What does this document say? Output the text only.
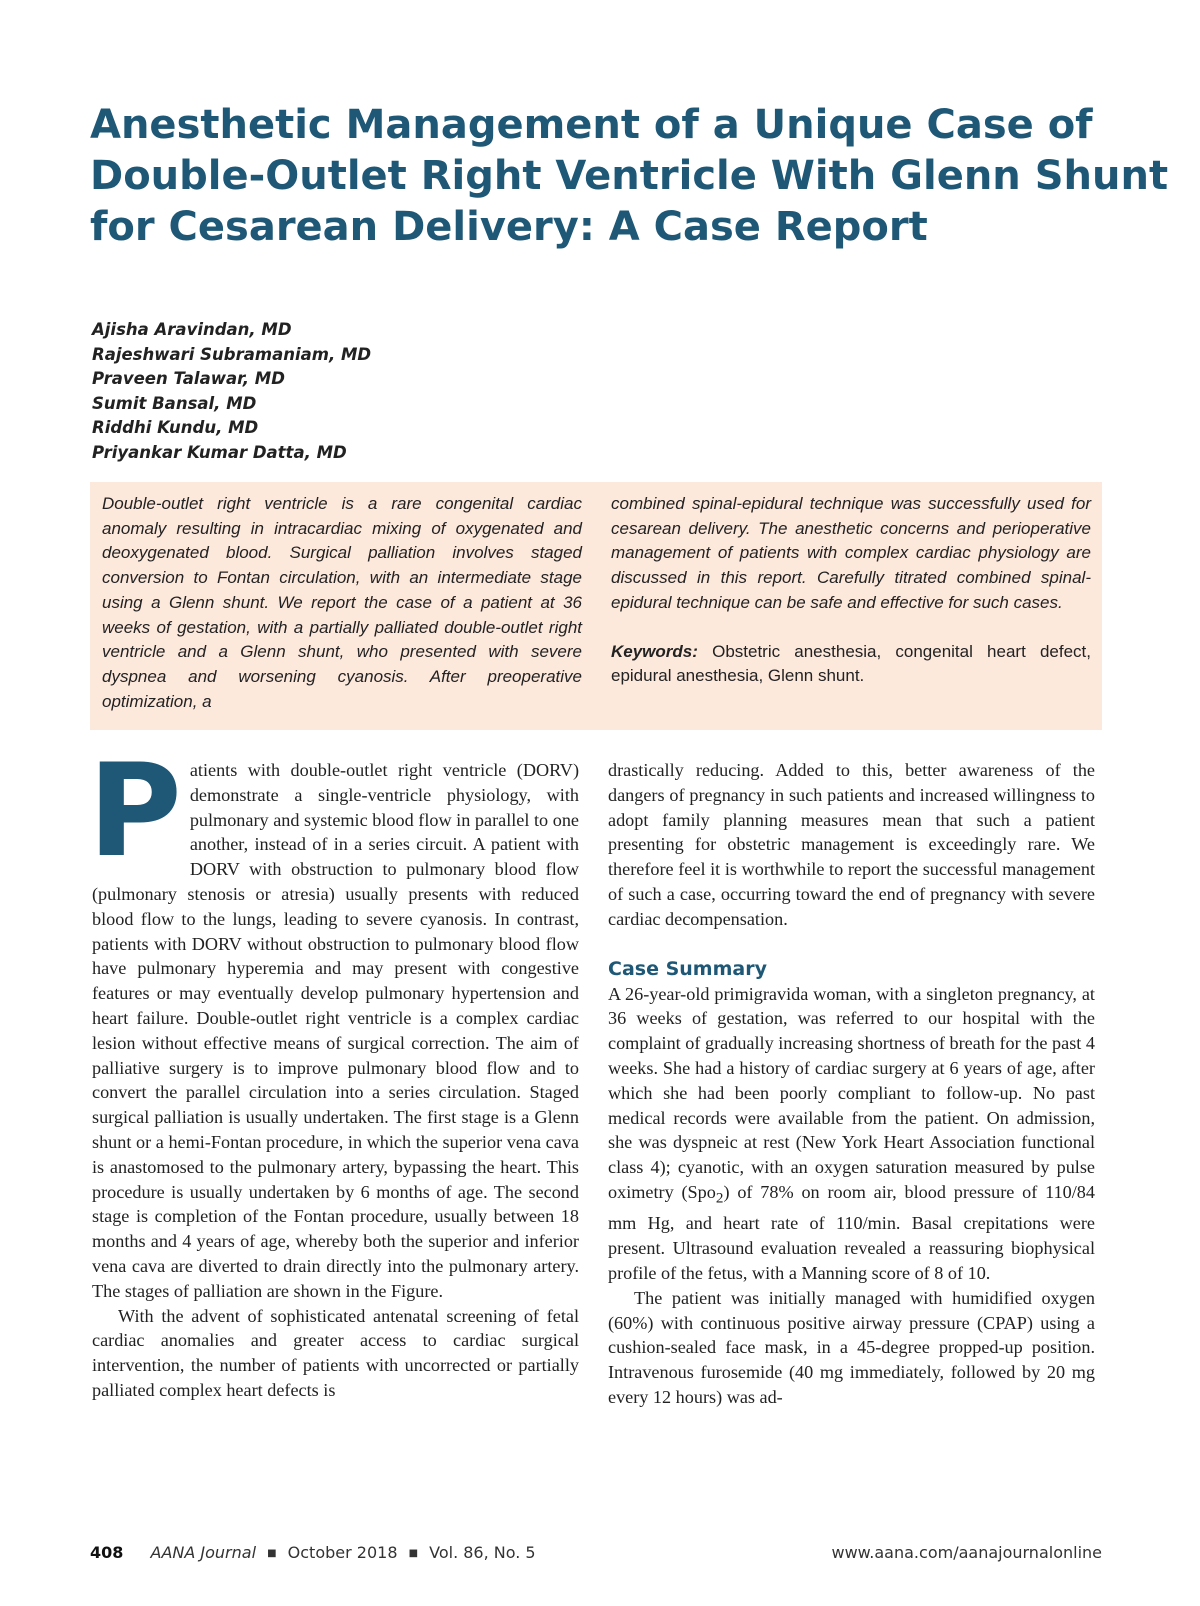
Anesthetic Management of a Unique Case of
Double-Outlet Right Ventricle With Glenn Shunt
for Cesarean Delivery: A Case Report
Ajisha Aravindan, MD
Rajeshwari Subramaniam, MD
Praveen Talawar, MD
Sumit Bansal, MD
Riddhi Kundu, MD
Priyankar Kumar Datta, MD
Double-outlet right ventricle is a rare congenital cardiac anomaly resulting in intracardiac mixing of oxygenated and deoxygenated blood. Surgical palliation involves staged conversion to Fontan circulation, with an intermediate stage using a Glenn shunt. We report the case of a patient at 36 weeks of gestation, with a partially palliated double-outlet right ventricle and a Glenn shunt, who presented with severe dyspnea and worsening cyanosis. After preoperative optimization, a
combined spinal-epidural technique was successfully used for cesarean delivery. The anesthetic concerns and perioperative management of patients with complex cardiac physiology are discussed in this report. Carefully titrated combined spinal-epidural technique can be safe and effective for such cases.
Keywords: Obstetric anesthesia, congenital heart defect, epidural anesthesia, Glenn shunt.

Patients with double-outlet right ventricle (DORV) demonstrate a single-ventricle physiology, with pulmonary and systemic blood flow in parallel to one another, instead of in a series circuit. A patient with DORV with obstruction to pulmonary blood flow (pulmonary stenosis or atresia) usually presents with reduced blood flow to the lungs, leading to severe cyanosis. In contrast, patients with DORV without obstruction to pulmonary blood flow have pulmonary hyperemia and may present with congestive features or may eventually develop pulmonary hypertension and heart failure. Double-outlet right ventricle is a complex cardiac lesion without effective means of surgical correction. The aim of palliative surgery is to improve pulmonary blood flow and to convert the parallel circulation into a series circulation. Staged surgical palliation is usually undertaken. The first stage is a Glenn shunt or a hemi-Fontan procedure, in which the superior vena cava is anastomosed to the pulmonary artery, bypassing the heart. This procedure is usually undertaken by 6 months of age. The second stage is completion of the Fontan procedure, usually between 18 months and 4 years of age, whereby both the superior and inferior vena cava are diverted to drain directly into the pulmonary artery. The stages of palliation are shown in the Figure.

With the advent of sophisticated antenatal screening of fetal cardiac anomalies and greater access to cardiac surgical intervention, the number of patients with uncorrected or partially palliated complex heart defects is

drastically reducing. Added to this, better awareness of the dangers of pregnancy in such patients and increased willingness to adopt family planning measures mean that such a patient presenting for obstetric management is exceedingly rare. We therefore feel it is worthwhile to report the successful management of such a case, occurring toward the end of pregnancy with severe cardiac decompensation.

Case Summary

A 26-year-old primigravida woman, with a singleton pregnancy, at 36 weeks of gestation, was referred to our hospital with the complaint of gradually increasing shortness of breath for the past 4 weeks. She had a history of cardiac surgery at 6 years of age, after which she had been poorly compliant to follow-up. No past medical records were available from the patient. On admission, she was dyspneic at rest (New York Heart Association functional class 4); cyanotic, with an oxygen saturation measured by pulse oximetry (Spo$_2$) of 78% on room air, blood pressure of 110/84 mm Hg, and heart rate of 110/min. Basal crepitations were present. Ultrasound evaluation revealed a reassuring biophysical profile of the fetus, with a Manning score of 8 of 10.

The patient was initially managed with humidified oxygen (60%) with continuous positive airway pressure (CPAP) using a cushion-sealed face mask, in a 45-degree propped-up position. Intravenous furosemide (40 mg immediately, followed by 20 mg every 12 hours) was ad-

408 AANA Journal ■ October 2018 ■ Vol. 86, No. 5	www.aana.com/aanajournalonline
